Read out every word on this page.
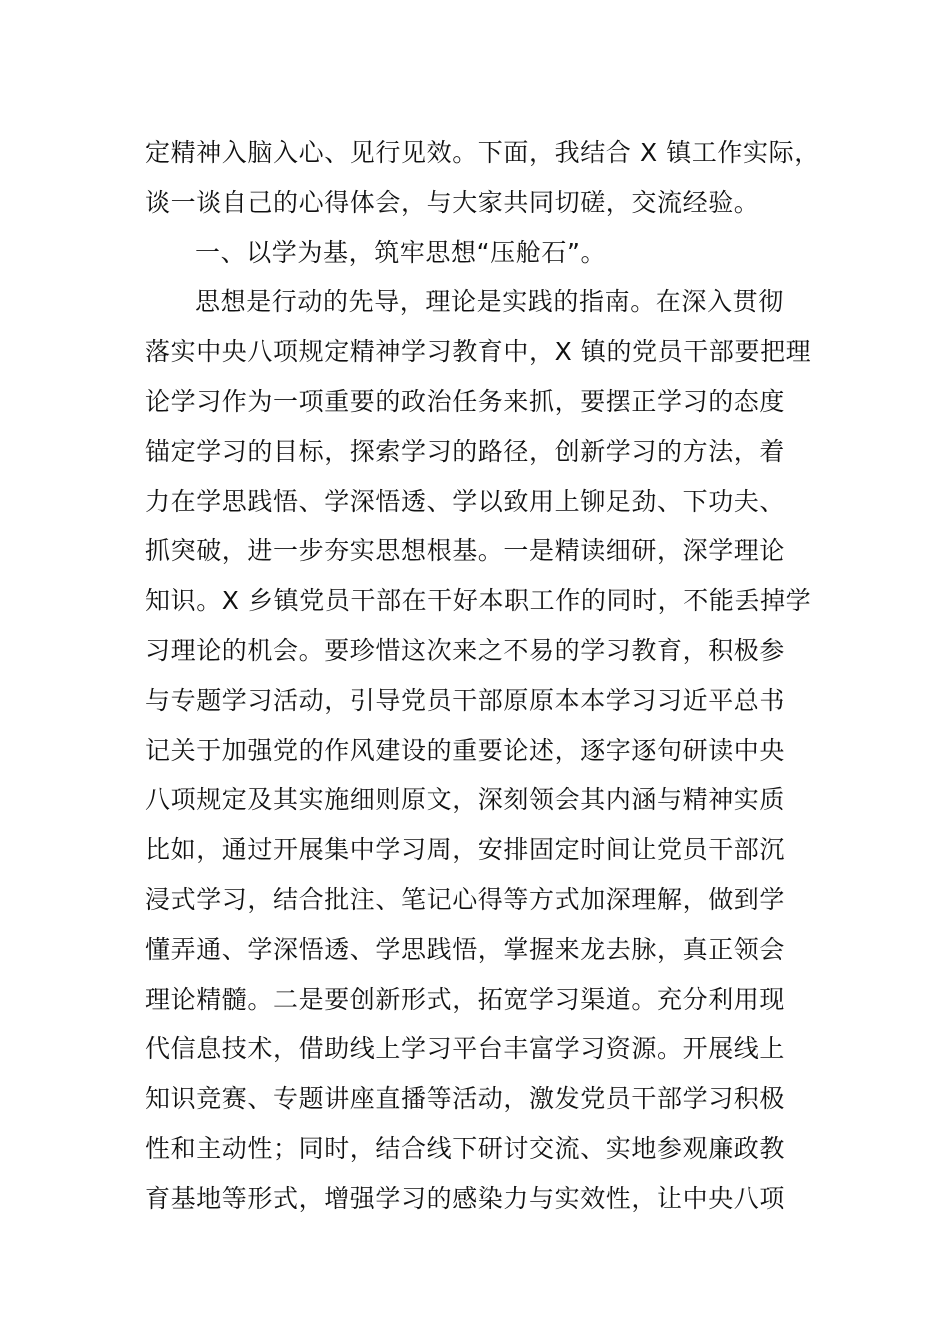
定精神入脑入心、见行见效。下面，我结合 X 镇工作实际，
谈一谈自己的心得体会，与大家共同切磋，交流经验。
一、以学为基，筑牢思想“压舱石”。
思想是行动的先导，理论是实践的指南。在深入贯彻
落实中央八项规定精神学习教育中，X 镇的党员干部要把理
论学习作为一项重要的政治任务来抓，要摆正学习的态度
锚定学习的目标，探索学习的路径，创新学习的方法，着
力在学思践悟、学深悟透、学以致用上铆足劲、下功夫、
抓突破，进一步夯实思想根基。一是精读细研，深学理论
知识。X 乡镇党员干部在干好本职工作的同时，不能丢掉学
习理论的机会。要珍惜这次来之不易的学习教育，积极参
与专题学习活动，引导党员干部原原本本学习习近平总书
记关于加强党的作风建设的重要论述，逐字逐句研读中央
八项规定及其实施细则原文，深刻领会其内涵与精神实质
比如，通过开展集中学习周，安排固定时间让党员干部沉
浸式学习，结合批注、笔记心得等方式加深理解，做到学
懂弄通、学深悟透、学思践悟，掌握来龙去脉，真正领会
理论精髓。二是要创新形式，拓宽学习渠道。充分利用现
代信息技术，借助线上学习平台丰富学习资源。开展线上
知识竞赛、专题讲座直播等活动，激发党员干部学习积极
性和主动性；同时，结合线下研讨交流、实地参观廉政教
育基地等形式，增强学习的感染力与实效性，让中央八项
